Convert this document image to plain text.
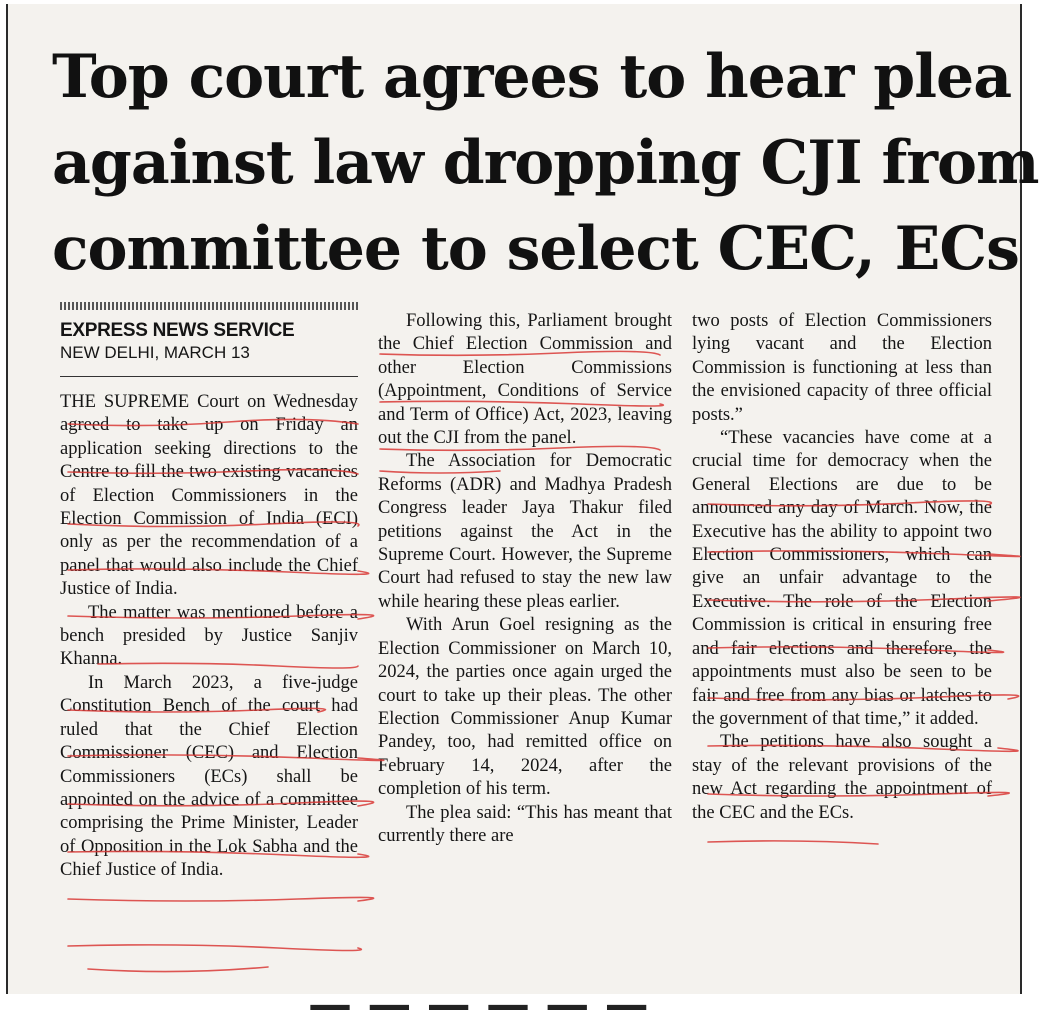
Top court agrees to hear plea
against law dropping CJI from
committee to select CEC, ECs
EXPRESS NEWS SERVICE
NEW DELHI, MARCH 13

THE SUPREME Court on Wednesday agreed to take up on Friday an application seeking directions to the Centre to fill the two existing vacancies of Election Commissioners in the Election Commission of India (ECI) only as per the recommendation of a panel that would also include the Chief Justice of India.

The matter was mentioned before a bench presided by Justice Sanjiv Khanna.

In March 2023, a five-judge Constitution Bench of the court had ruled that the Chief Election Commissioner (CEC) and Election Commissioners (ECs) shall be appointed on the advice of a committee comprising the Prime Minister, Leader of Opposition in the Lok Sabha and the Chief Justice of India.

Following this, Parliament brought the Chief Election Commission and other Election Commissions (Appointment, Conditions of Service and Term of Office) Act, 2023, leaving out the CJI from the panel.

The Association for Democratic Reforms (ADR) and Madhya Pradesh Congress leader Jaya Thakur filed petitions against the Act in the Supreme Court. However, the Supreme Court had refused to stay the new law while hearing these pleas earlier.

With Arun Goel resigning as the Election Commissioner on March 10, 2024, the parties once again urged the court to take up their pleas. The other Election Commissioner Anup Kumar Pandey, too, had remitted office on February 14, 2024, after the completion of his term.

The plea said: “This has meant that currently there are

two posts of Election Commissioners lying vacant and the Election Commission is functioning at less than the envisioned capacity of three official posts.”

“These vacancies have come at a crucial time for democracy when the General Elections are due to be announced any day of March. Now, the Executive has the ability to appoint two Election Commissioners, which can give an unfair advantage to the Executive. The role of the Election Commission is critical in ensuring free and fair elections and therefore, the appointments must also be seen to be fair and free from any bias or latches to the government of that time,” it added.

The petitions have also sought a stay of the relevant provisions of the new Act regarding the appointment of the CEC and the ECs.

— — — — — —
